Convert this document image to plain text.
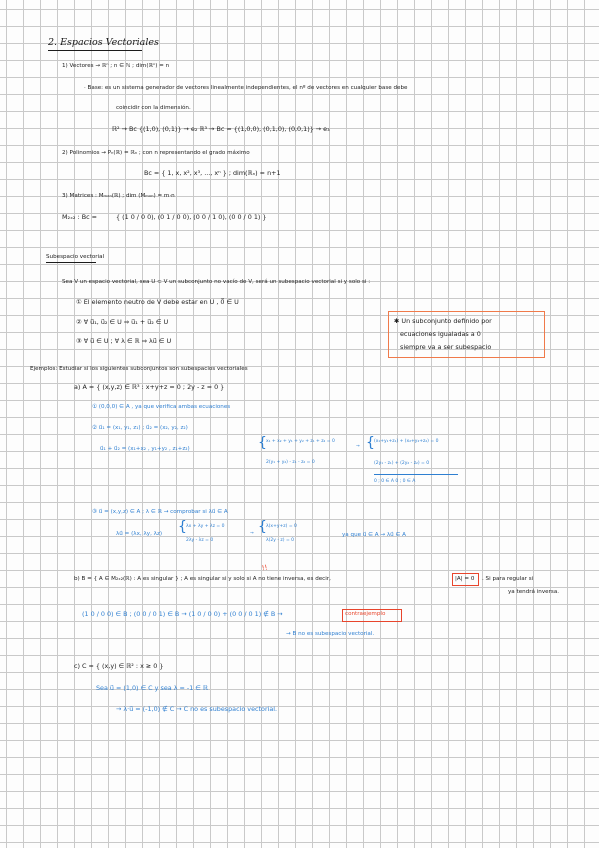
2. Espacios Vectoriales
1) Vectores → ℝⁿ ; n ∈ ℕ ; dim(ℝⁿ) = n
· Base: es un sistema generador de vectores linealmente independientes, el nº de vectores en cualquier base debe
coincidir con la dimensión.
ℝ² → Bc {(1,0), (0,1)} → e₂ ℝ³ → Bc = {(1,0,0), (0,1,0), (0,0,1)} → e₃
2) Polinomios → Pₙ(ℝ) = ℝₙ ; con n representando el grado máximo
Bc = { 1, x, x², x³, ..., xⁿ } ; dim(ℝₙ) = n+1
3) Matrices : Mₘₓₙ(ℝ) ; dim (Mₘₓₙ) = m·n
M₂ₓ₂ : Bc =	{ (1 0 / 0 0), (0 1 / 0 0), (0 0 / 1 0), (0 0 / 0 1) }
Subespacio vectorial
Sea V un espacio vectorial, sea U ⊂ V un subconjunto no vacío de V, será un subespacio vectorial si y solo si :
① El elemento neutro de V debe estar en U , 0⃗ ∈ U
② ∀ u⃗₁, u⃗₂ ∈ U ⇒ u⃗₁ + u⃗₂ ∈ U
③ ∀ u⃗ ∈ U ; ∀ λ ∈ ℝ ⇒ λu⃗ ∈ U
✱ Un subconjunto definido por
ecuaciones igualadas a 0
siempre va a ser subespacio
Ejemplos: Estudiar si los siguientes subconjuntos son subespacios vectoriales
a) A = { (x,y,z) ∈ ℝ³ : x+y+z = 0 ; 2y - z = 0 }
① (0,0,0) ∈ A , ya que verifica ambas ecuaciones
② u⃗₁ = (x₁, y₁, z₁) ; u⃗₂ = (x₂, y₂, z₂)
u⃗₁ + u⃗₂ = (x₁+x₂ , y₁+y₂ , z₁+z₂)	{ x₁ + x₂ + y₁ + y₂ + z₁ + z₂ = 0
2(y₁ + y₂) - z₁ - z₂ = 0
→ { (x₁+y₁+z₁) + (x₂+y₂+z₂) = 0
(2y₁ - z₁) + (2y₂ - z₂) = 0
0 ; 0 ∈ A 0 ; 0 ∈ A
③ u⃗ = (x,y,z) ∈ A ; λ ∈ ℝ → comprobar si λu⃗ ∈ A
λu⃗ = (λx, λy, λz) { λx + λy + λz = 0
2λy - λz = 0
→ { λ(x+y+z) = 0
λ(2y - z) = 0
ya que u⃗ ∈ A → λu⃗ ∈ A
!!
b) B = { A ∈ M₂ₓ₂(ℝ) : A es singular } ; A es singular si y solo si A no tiene inversa, es decir,	|A| = 0 . Si para regular si
ya tendrá inversa.
(1 0 / 0 0) ∈ B ; (0 0 / 0 1) ∈ B → (1 0 / 0 0) + (0 0 / 0 1) ∉ B →	contraejemplo
→ B no es subespacio vectorial.
c) C = { (x,y) ∈ ℝ² : x ≥ 0 }
Sea u⃗ = (1,0) ∈ C y sea λ = -1 ∈ ℝ
→ λ·u⃗ = (-1,0) ∉ C → C no es subespacio vectorial.
